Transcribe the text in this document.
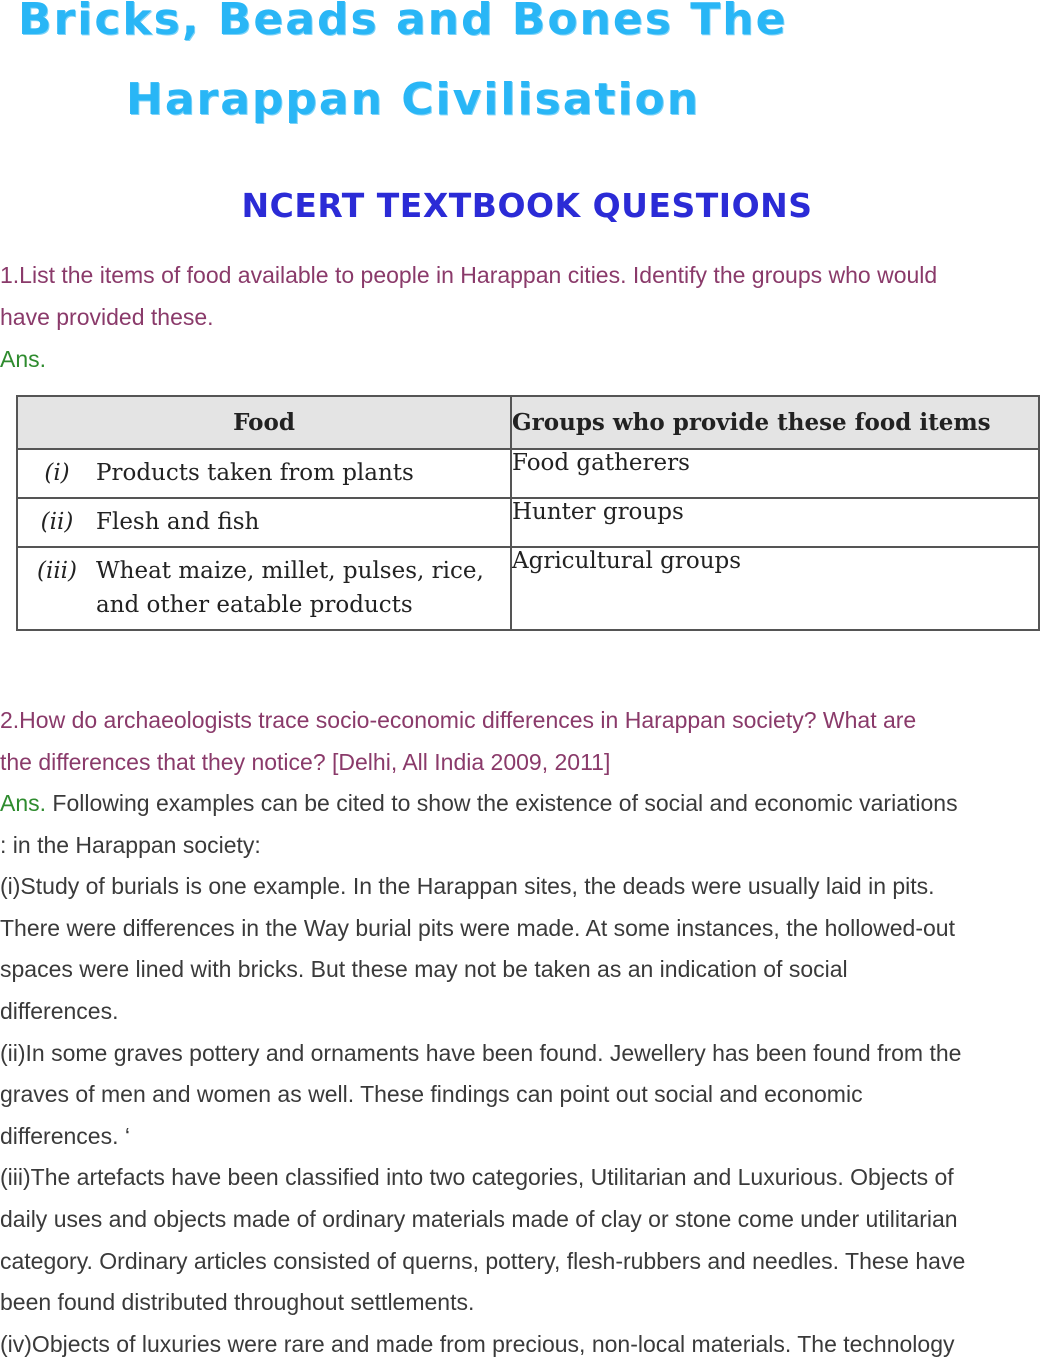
Bricks, Beads and Bones The
Harappan Civilisation
NCERT TEXTBOOK QUESTIONS
1.List the items of food available to people in Harappan cities. Identify the groups who would
have provided these.
Ans.
Food	Groups who provide these food items
(i) Products taken from plants	Food gatherers
(ii) Flesh and fish	Hunter groups

(iii) Wheat maize, millet, pulses, rice,
and other eatable products	Agricultural groups
2.How do archaeologists trace socio-economic differences in Harappan society? What are
the differences that they notice? [Delhi, All India 2009, 2011]
Ans. Following examples can be cited to show the existence of social and economic variations
: in the Harappan society:
(i)Study of burials is one example. In the Harappan sites, the deads were usually laid in pits.
There were differences in the Way burial pits were made. At some instances, the hollowed-out
spaces were lined with bricks. But these may not be taken as an indication of social
differences.
(ii)In some graves pottery and ornaments have been found. Jewellery has been found from the
graves of men and women as well. These findings can point out social and economic
differences. ‘
(iii)The artefacts have been classified into two categories, Utilitarian and Luxurious. Objects of
daily uses and objects made of ordinary materials made of clay or stone come under utilitarian
category. Ordinary articles consisted of querns, pottery, flesh-rubbers and needles. These have
been found distributed throughout settlements.
(iv)Objects of luxuries were rare and made from precious, non-local materials. The technology
